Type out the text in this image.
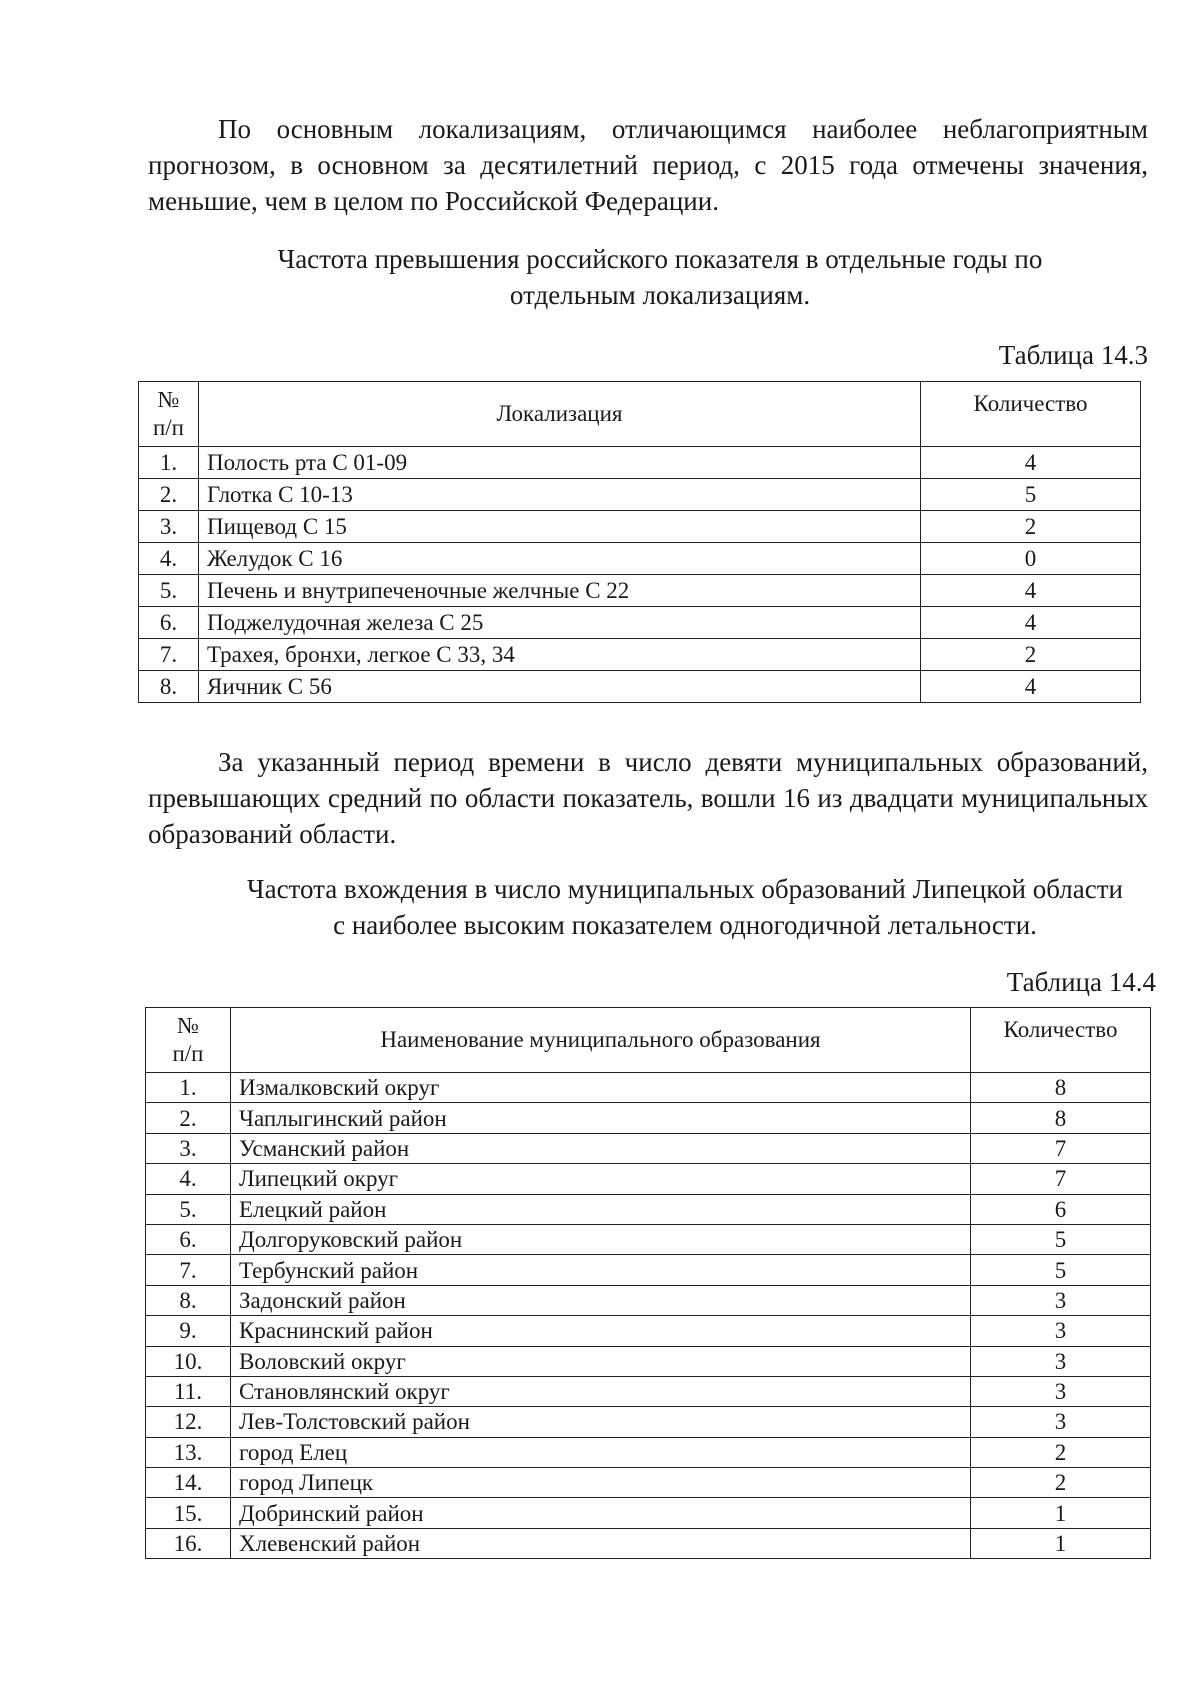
По основным локализациям, отличающимся наиболее неблагоприятным прогнозом, в основном за десятилетний период, с 2015 года отмечены значения, меньшие, чем в целом по Российской Федерации.

Частота превышения российского показателя в отдельные годы по

отдельным локализациям.

Таблица 14.3

№
п/п	Локализация	Количество
1.	Полость рта С 01-09	4
2.	Глотка С 10-13	5
3.	Пищевод С 15	2
4.	Желудок С 16	0
5.	Печень и внутрипеченочные желчные С 22	4
6.	Поджелудочная железа С 25	4
7.	Трахея, бронхи, легкое С 33, 34	2
8.	Яичник С 56	4

За указанный период времени в число девяти муниципальных образований, превышающих средний по области показатель, вошли 16 из двадцати муниципальных образований области.

Частота вхождения в число муниципальных образований Липецкой области

с наиболее высоким показателем одногодичной летальности.

Таблица 14.4

№
п/п	Наименование муниципального образования	Количество
1.	Измалковский округ	8
2.	Чаплыгинский район	8
3.	Усманский район	7
4.	Липецкий округ	7
5.	Елецкий район	6
6.	Долгоруковский район	5
7.	Тербунский район	5
8.	Задонский район	3
9.	Краснинский район	3
10.	Воловский округ	3
11.	Становлянский округ	3
12.	Лев-Толстовский район	3
13.	город Елец	2
14.	город Липецк	2
15.	Добринский район	1
16.	Хлевенский район	1
